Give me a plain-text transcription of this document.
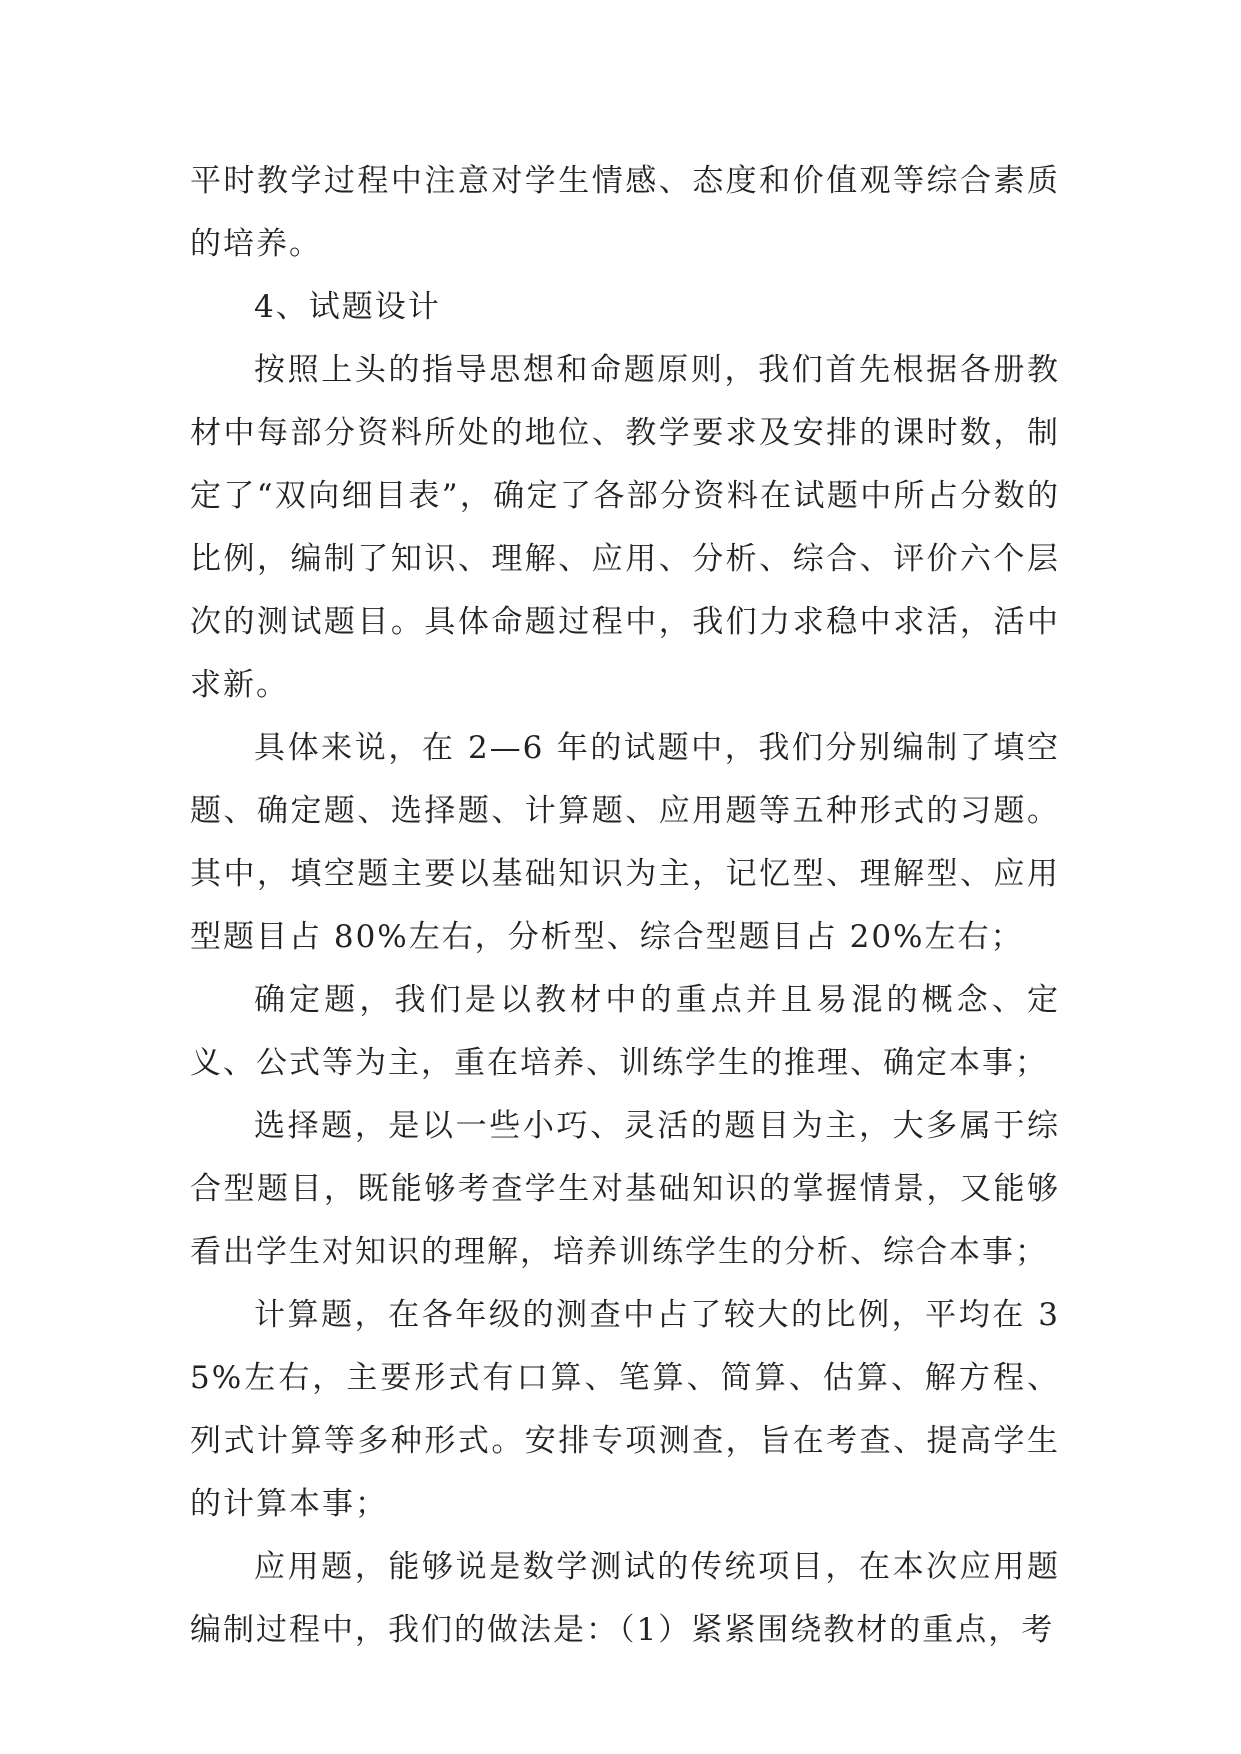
平时教学过程中注意对学生情感、态度和价值观等综合素质的培养。

4、试题设计

按照上头的指导思想和命题原则，我们首先根据各册教材中每部分资料所处的地位、教学要求及安排的课时数，制定了“双向细目表”，确定了各部分资料在试题中所占分数的比例，编制了知识、理解、应用、分析、综合、评价六个层次的测试题目。具体命题过程中，我们力求稳中求活，活中求新。

具体来说，在 2—6 年的试题中，我们分别编制了填空题、确定题、选择题、计算题、应用题等五种形式的习题。其中，填空题主要以基础知识为主，记忆型、理解型、应用型题目占 80%左右，分析型、综合型题目占 20%左右；

确定题，我们是以教材中的重点并且易混的概念、定义、公式等为主，重在培养、训练学生的推理、确定本事；

选择题，是以一些小巧、灵活的题目为主，大多属于综合型题目，既能够考查学生对基础知识的掌握情景，又能够看出学生对知识的理解，培养训练学生的分析、综合本事；

计算题，在各年级的测查中占了较大的比例，平均在 35%左右，主要形式有口算、笔算、简算、估算、解方程、列式计算等多种形式。安排专项测查，旨在考查、提高学生的计算本事；

应用题，能够说是数学测试的传统项目，在本次应用题编制过程中，我们的做法是：（1）紧紧围绕教材的重点，考
